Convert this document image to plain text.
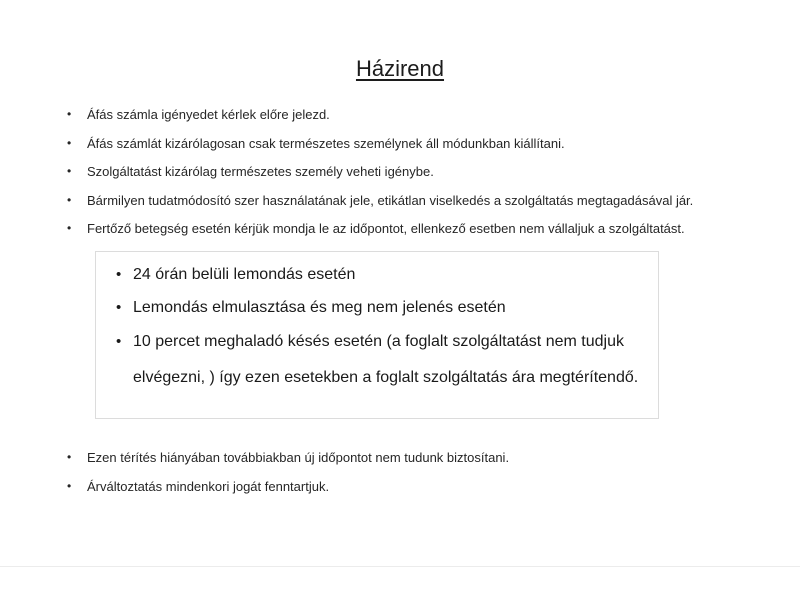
Házirend
• Áfás számla igényedet kérlek előre jelezd.
• Áfás számlát kizárólagosan csak természetes személynek áll módunkban kiállítani.
• Szolgáltatást kizárólag természetes személy veheti igénybe.
• Bármilyen tudatmódosító szer használatának jele, etikátlan viselkedés a szolgáltatás megtagadásával jár.
• Fertőző betegség esetén kérjük mondja le az időpontot, ellenkező esetben nem vállaljuk a szolgáltatást.
• 24 órán belüli lemondás esetén
• Lemondás elmulasztása és meg nem jelenés esetén
• 10 percet meghaladó késés esetén (a foglalt szolgáltatást nem tudjuk elvégezni, ) így ezen esetekben a foglalt szolgáltatás ára megtérítendő.
• Ezen térítés hiányában továbbiakban új időpontot nem tudunk biztosítani.
• Árváltoztatás mindenkori jogát fenntartjuk.
